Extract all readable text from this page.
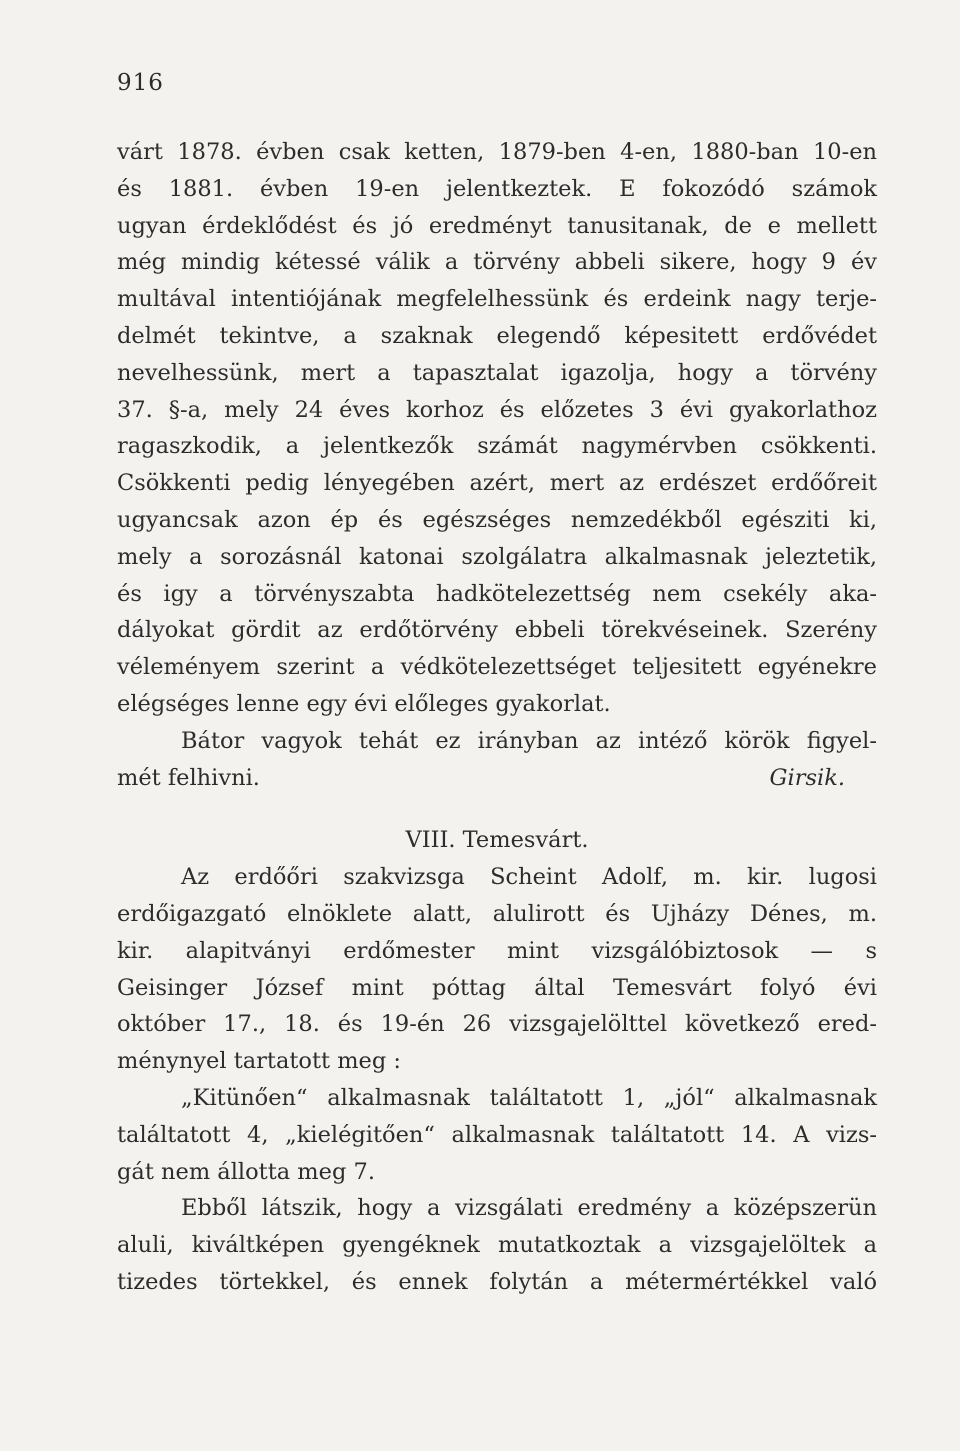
916
várt 1878. évben csak ketten, 1879-ben 4-en, 1880-ban 10-en
és 1881. évben 19-en jelentkeztek. E fokozódó számok
ugyan érdeklődést és jó eredményt tanusitanak, de e mellett
még mindig kétessé válik a törvény abbeli sikere, hogy 9 év
multával intentiójának megfelelhessünk és erdeink nagy terje-
delmét tekintve, a szaknak elegendő képesitett erdővédet
nevelhessünk, mert a tapasztalat igazolja, hogy a törvény
37. §-a, mely 24 éves korhoz és előzetes 3 évi gyakorlathoz
ragaszkodik, a jelentkezők számát nagymérvben csökkenti.
Csökkenti pedig lényegében azért, mert az erdészet erdőőreit
ugyancsak azon ép és egészséges nemzedékből egésziti ki,
mely a sorozásnál katonai szolgálatra alkalmasnak jeleztetik,
és igy a törvényszabta hadkötelezettség nem csekély aka-
dályokat gördit az erdőtörvény ebbeli törekvéseinek. Szerény
véleményem szerint a védkötelezettséget teljesitett egyénekre
elégséges lenne egy évi előleges gyakorlat.
Bátor vagyok tehát ez irányban az intéző körök figyel-
mét felhivni.	Girsik.
VIII. Temesvárt.
Az erdőőri szakvizsga Scheint Adolf, m. kir. lugosi
erdőigazgató elnöklete alatt, alulirott és Ujházy Dénes, m.
kir. alapitványi erdőmester mint vizsgálóbiztosok — s
Geisinger József mint póttag által Temesvárt folyó évi
október 17., 18. és 19-én 26 vizsgajelölttel következő ered-
ménynyel tartatott meg :
„Kitünően“ alkalmasnak találtatott 1, „jól“ alkalmasnak
találtatott 4, „kielégitően“ alkalmasnak találtatott 14. A vizs-
gát nem állotta meg 7.
Ebből látszik, hogy a vizsgálati eredmény a középszerün
aluli, kiváltképen gyengéknek mutatkoztak a vizsgajelöltek a
tizedes törtekkel, és ennek folytán a métermértékkel való
